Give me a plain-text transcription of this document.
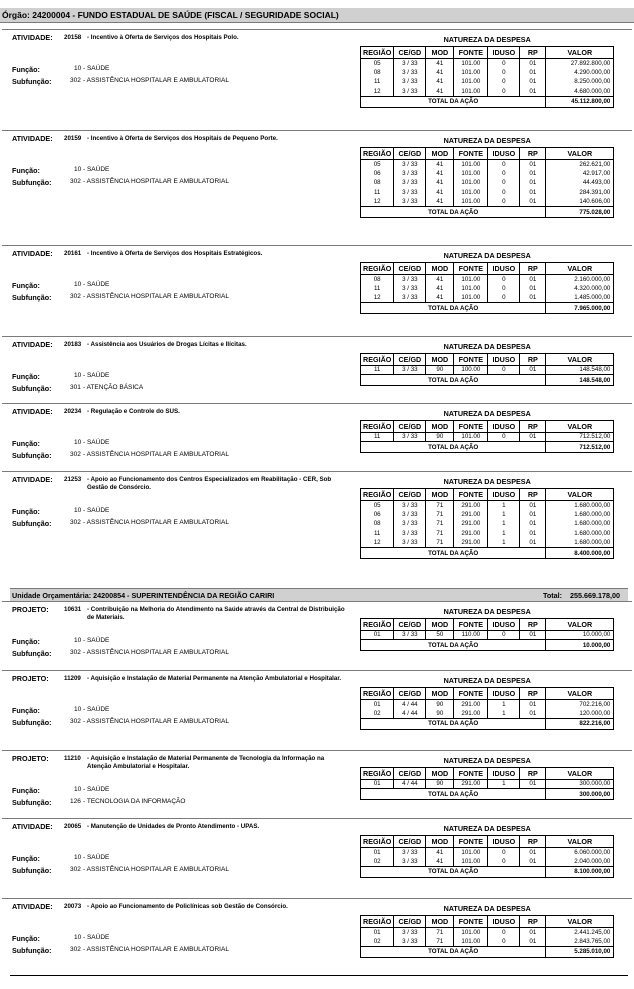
Órgão: 24200004 - FUNDO ESTADUAL DE SAÚDE (FISCAL / SEGURIDADE SOCIAL)
ATIVIDADE: 20158 - Incentivo à Oferta de Serviços dos Hospitais Polo.
Função:	10 - SAÚDE
Subfunção:	302 - ASSISTÊNCIA HOSPITALAR E AMBULATORIAL
NATUREZA DA DESPESA						
REGIÃO	CE/GD	MOD	FONTE	IDUSO	RP	VALOR
05	3 / 33	41	101.00	0	01	27.892.800,00
08	3 / 33	41	101.00	0	01	4.290.000,00
11	3 / 33	41	101.00	0	01	8.250.000,00
12	3 / 33	41	101.00	0	01	4.680.000,00
TOTAL DA AÇÃO						45.112.800,00
ATIVIDADE: 20159 - Incentivo à Oferta de Serviços dos Hospitais de Pequeno Porte.
Função:	10 - SAÚDE
Subfunção:	302 - ASSISTÊNCIA HOSPITALAR E AMBULATORIAL
NATUREZA DA DESPESA						
REGIÃO	CE/GD	MOD	FONTE	IDUSO	RP	VALOR
05	3 / 33	41	101.00	0	01	262.621,00
06	3 / 33	41	101.00	0	01	42.917,00
08	3 / 33	41	101.00	0	01	44.493,00
11	3 / 33	41	101.00	0	01	284.391,00
12	3 / 33	41	101.00	0	01	140.606,00
TOTAL DA AÇÃO						775.028,00
ATIVIDADE: 20161 - Incentivo à Oferta de Serviços dos Hospitais Estratégicos.
Função:	10 - SAÚDE
Subfunção:	302 - ASSISTÊNCIA HOSPITALAR E AMBULATORIAL
NATUREZA DA DESPESA						
REGIÃO	CE/GD	MOD	FONTE	IDUSO	RP	VALOR
08	3 / 33	41	101.00	0	01	2.160.000,00
11	3 / 33	41	101.00	0	01	4.320.000,00
12	3 / 33	41	101.00	0	01	1.485.000,00
TOTAL DA AÇÃO						7.965.000,00
ATIVIDADE: 20183 - Assistência aos Usuários de Drogas Lícitas e Ilícitas.
Função:	10 - SAÚDE
Subfunção:	301 - ATENÇÃO BÁSICA
NATUREZA DA DESPESA						
REGIÃO	CE/GD	MOD	FONTE	IDUSO	RP	VALOR
11	3 / 33	90	100.00	0	01	148.548,00
TOTAL DA AÇÃO						148.548,00
ATIVIDADE: 20234 - Regulação e Controle do SUS.
Função:	10 - SAÚDE
Subfunção:	302 - ASSISTÊNCIA HOSPITALAR E AMBULATORIAL
NATUREZA DA DESPESA						
REGIÃO	CE/GD	MOD	FONTE	IDUSO	RP	VALOR
11	3 / 33	90	101.00	0	01	712.512,00
TOTAL DA AÇÃO						712.512,00
ATIVIDADE: 21253 - Apoio ao Funcionamento dos Centros Especializados em Reabilitação - CER, Sob Gestão de Consórcio.
Função:	10 - SAÚDE
Subfunção:	302 - ASSISTÊNCIA HOSPITALAR E AMBULATORIAL
NATUREZA DA DESPESA						
REGIÃO	CE/GD	MOD	FONTE	IDUSO	RP	VALOR
05	3 / 33	71	291.00	1	01	1.680.000,00
06	3 / 33	71	291.00	1	01	1.680.000,00
08	3 / 33	71	291.00	1	01	1.680.000,00
11	3 / 33	71	291.00	1	01	1.680.000,00
12	3 / 33	71	291.00	1	01	1.680.000,00
TOTAL DA AÇÃO						8.400.000,00
PROJETO: 10631 - Contribuição na Melhoria do Atendimento na Saúde através da Central de Distribuição de Materiais.
Função:	10 - SAÚDE
Subfunção:	302 - ASSISTÊNCIA HOSPITALAR E AMBULATORIAL
NATUREZA DA DESPESA						
REGIÃO	CE/GD	MOD	FONTE	IDUSO	RP	VALOR
01	3 / 33	50	110.00	0	01	10.000,00
TOTAL DA AÇÃO						10.000,00
PROJETO: 11209 - Aquisição e Instalação de Material Permanente na Atenção Ambulatorial e Hospitalar.
Função:	10 - SAÚDE
Subfunção:	302 - ASSISTÊNCIA HOSPITALAR E AMBULATORIAL
NATUREZA DA DESPESA						
REGIÃO	CE/GD	MOD	FONTE	IDUSO	RP	VALOR
01	4 / 44	90	291.00	1	01	702.216,00
02	4 / 44	90	291.00	1	01	120.000,00
TOTAL DA AÇÃO						822.216,00
PROJETO: 11210 - Aquisição e Instalação de Material Permanente de Tecnologia da Informação na Atenção Ambulatorial e Hospitalar.
Função:	10 - SAÚDE
Subfunção:	126 - TECNOLOGIA DA INFORMAÇÃO
NATUREZA DA DESPESA						
REGIÃO	CE/GD	MOD	FONTE	IDUSO	RP	VALOR
01	4 / 44	90	291.00	1	01	300.000,00
TOTAL DA AÇÃO						300.000,00
ATIVIDADE: 20065 - Manutenção de Unidades de Pronto Atendimento - UPAS.
Função:	10 - SAÚDE
Subfunção:	302 - ASSISTÊNCIA HOSPITALAR E AMBULATORIAL
NATUREZA DA DESPESA						
REGIÃO	CE/GD	MOD	FONTE	IDUSO	RP	VALOR
01	3 / 33	41	101.00	0	01	6.060.000,00
02	3 / 33	41	101.00	0	01	2.040.000,00
TOTAL DA AÇÃO						8.100.000,00
ATIVIDADE: 20073 - Apoio ao Funcionamento de Policlínicas sob Gestão de Consórcio.
Função:	10 - SAÚDE
Subfunção:	302 - ASSISTÊNCIA HOSPITALAR E AMBULATORIAL
NATUREZA DA DESPESA						
REGIÃO	CE/GD	MOD	FONTE	IDUSO	RP	VALOR
01	3 / 33	71	101.00	0	01	2.441.245,00
02	3 / 33	71	101.00	0	01	2.843.765,00
TOTAL DA AÇÃO						5.285.010,00
Unidade Orçamentária: 24200854 - SUPERINTENDÊNCIA DA REGIÃO CARIRI	Total: 255.669.178,00
